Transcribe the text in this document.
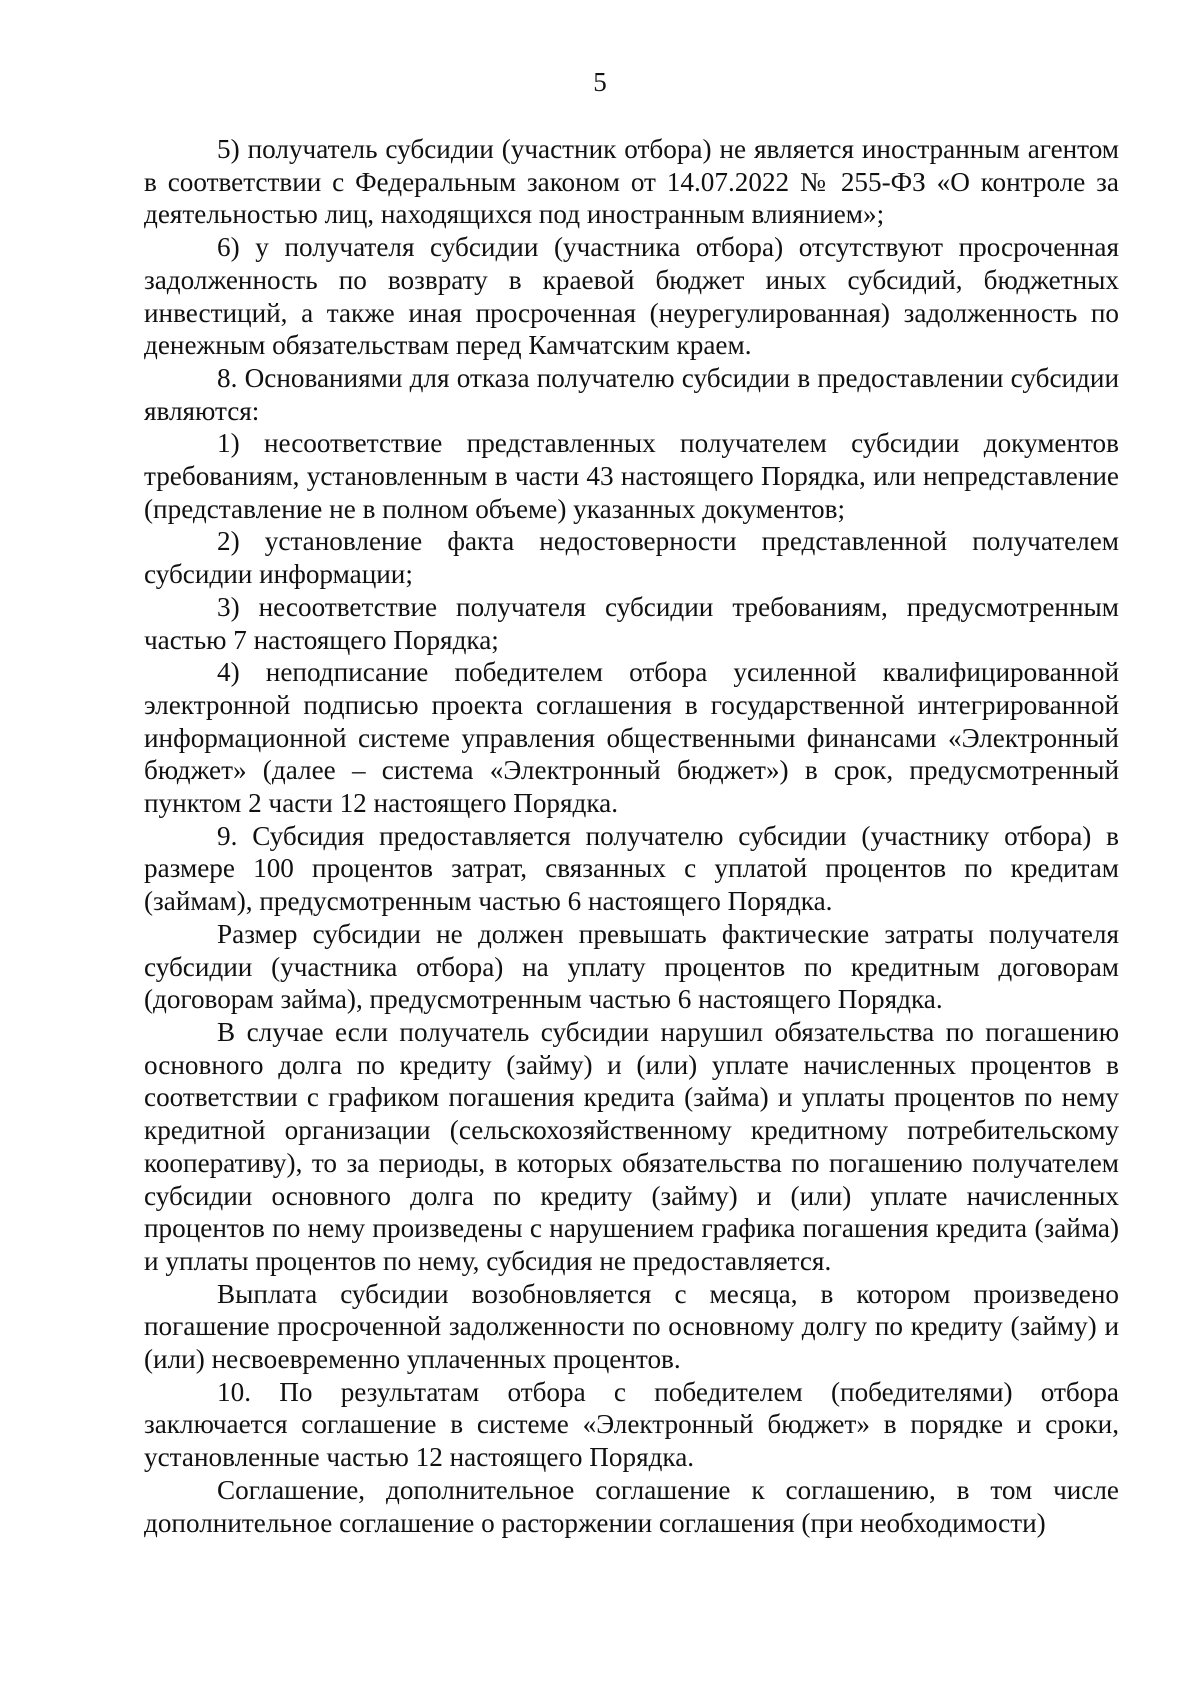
5

5) получатель субсидии (участник отбора) не является иностранным агентом в соответствии с Федеральным законом от 14.07.2022 № 255-ФЗ «О контроле за деятельностью лиц, находящихся под иностранным влиянием»;

6) у получателя субсидии (участника отбора) отсутствуют просроченная задолженность по возврату в краевой бюджет иных субсидий, бюджетных инвестиций, а также иная просроченная (неурегулированная) задолженность по денежным обязательствам перед Камчатским краем.

8. Основаниями для отказа получателю субсидии в предоставлении субсидии являются:

1) несоответствие представленных получателем субсидии документов требованиям, установленным в части 43 настоящего Порядка, или непредставление (представление не в полном объеме) указанных документов;

2) установление факта недостоверности представленной получателем субсидии информации;

3) несоответствие получателя субсидии требованиям, предусмотренным частью 7 настоящего Порядка;

4) неподписание победителем отбора усиленной квалифицированной электронной подписью проекта соглашения в государственной интегрированной информационной системе управления общественными финансами «Электронный бюджет» (далее – система «Электронный бюджет») в срок, предусмотренный пунктом 2 части 12 настоящего Порядка.

9. Субсидия предоставляется получателю субсидии (участнику отбора) в размере 100 процентов затрат, связанных с уплатой процентов по кредитам (займам), предусмотренным частью 6 настоящего Порядка.

Размер субсидии не должен превышать фактические затраты получателя субсидии (участника отбора) на уплату процентов по кредитным договорам (договорам займа), предусмотренным частью 6 настоящего Порядка.

В случае если получатель субсидии нарушил обязательства по погашению основного долга по кредиту (займу) и (или) уплате начисленных процентов в соответствии с графиком погашения кредита (займа) и уплаты процентов по нему кредитной организации (сельскохозяйственному кредитному потребительскому кооперативу), то за периоды, в которых обязательства по погашению получателем субсидии основного долга по кредиту (займу) и (или) уплате начисленных процентов по нему произведены с нарушением графика погашения кредита (займа) и уплаты процентов по нему, субсидия не предоставляется.

Выплата субсидии возобновляется с месяца, в котором произведено погашение просроченной задолженности по основному долгу по кредиту (займу) и (или) несвоевременно уплаченных процентов.

10. По результатам отбора с победителем (победителями) отбора заключается соглашение в системе «Электронный бюджет» в порядке и сроки, установленные частью 12 настоящего Порядка.

Соглашение, дополнительное соглашение к соглашению, в том числе дополнительное соглашение о расторжении соглашения (при необходимости)
